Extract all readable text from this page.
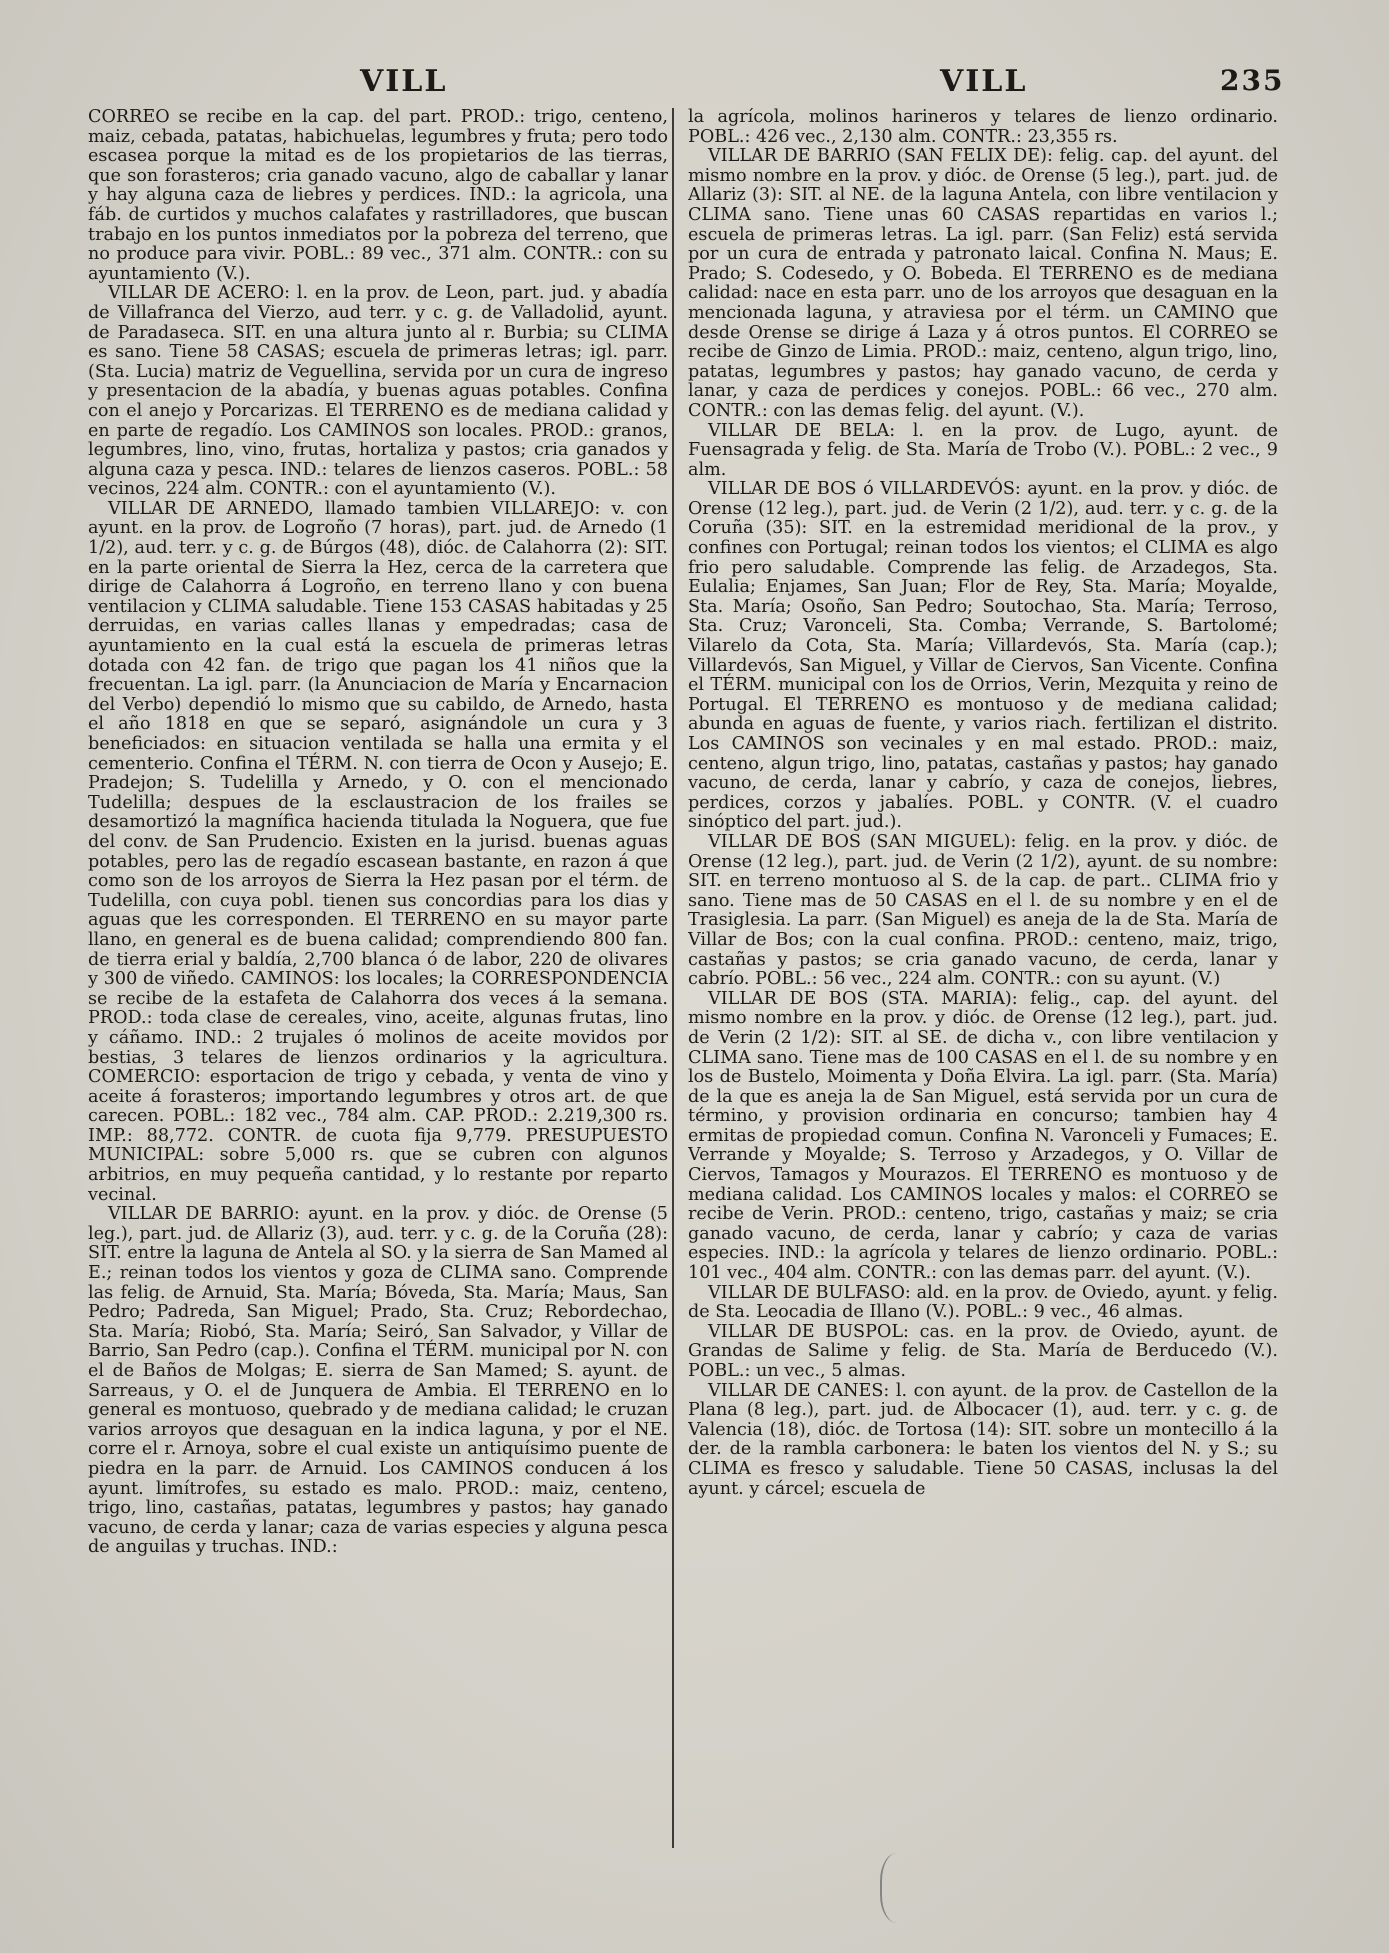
VILL	VILL	235

CORREO se recibe en la cap. del part. PROD.: trigo, centeno, maiz, cebada, patatas, habichuelas, legumbres y fruta; pero todo escasea porque la mitad es de los propietarios de las tierras, que son forasteros; cria ganado vacuno, algo de caballar y lanar y hay alguna caza de liebres y perdices. IND.: la agricola, una fáb. de curtidos y muchos calafates y rastrilladores, que buscan trabajo en los puntos inmediatos por la pobreza del terreno, que no produce para vivir. POBL.: 89 vec., 371 alm. CONTR.: con su ayuntamiento (V.).

VILLAR DE ACERO: l. en la prov. de Leon, part. jud. y abadía de Villafranca del Vierzo, aud terr. y c. g. de Valladolid, ayunt. de Paradaseca. SIT. en una altura junto al r. Burbia; su CLIMA es sano. Tiene 58 CASAS; escuela de primeras letras; igl. parr. (Sta. Lucia) matriz de Veguellina, servida por un cura de ingreso y presentacion de la abadía, y buenas aguas potables. Confina con el anejo y Porcarizas. El TERRENO es de mediana calidad y en parte de regadío. Los CAMINOS son locales. PROD.: granos, legumbres, lino, vino, frutas, hortaliza y pastos; cria ganados y alguna caza y pesca. IND.: telares de lienzos caseros. POBL.: 58 vecinos, 224 alm. CONTR.: con el ayuntamiento (V.).

VILLAR DE ARNEDO, llamado tambien VILLAREJO: v. con ayunt. en la prov. de Logroño (7 horas), part. jud. de Arnedo (1 1/2), aud. terr. y c. g. de Búrgos (48), dióc. de Calahorra (2): SIT. en la parte oriental de Sierra la Hez, cerca de la carretera que dirige de Calahorra á Logroño, en terreno llano y con buena ventilacion y CLIMA saludable. Tiene 153 CASAS habitadas y 25 derruidas, en varias calles llanas y empedradas; casa de ayuntamiento en la cual está la escuela de primeras letras dotada con 42 fan. de trigo que pagan los 41 niños que la frecuentan. La igl. parr. (la Anunciacion de María y Encarnacion del Verbo) dependió lo mismo que su cabildo, de Arnedo, hasta el año 1818 en que se separó, asignándole un cura y 3 beneficiados: en situacion ventilada se halla una ermita y el cementerio. Confina el TÉRM. N. con tierra de Ocon y Ausejo; E. Pradejon; S. Tudelilla y Arnedo, y O. con el mencionado Tudelilla; despues de la esclaustracion de los frailes se desamortizó la magnífica hacienda titulada la Noguera, que fue del conv. de San Prudencio. Existen en la jurisd. buenas aguas potables, pero las de regadío escasean bastante, en razon á que como son de los arroyos de Sierra la Hez pasan por el térm. de Tudelilla, con cuya pobl. tienen sus concordias para los dias y aguas que les corresponden. El TERRENO en su mayor parte llano, en general es de buena calidad; comprendiendo 800 fan. de tierra erial y baldía, 2,700 blanca ó de labor, 220 de olivares y 300 de viñedo. CAMINOS: los locales; la CORRESPONDENCIA se recibe de la estafeta de Calahorra dos veces á la semana. PROD.: toda clase de cereales, vino, aceite, algunas frutas, lino y cáñamo. IND.: 2 trujales ó molinos de aceite movidos por bestias, 3 telares de lienzos ordinarios y la agricultura. COMERCIO: esportacion de trigo y cebada, y venta de vino y aceite á forasteros; importando legumbres y otros art. de que carecen. POBL.: 182 vec., 784 alm. CAP. PROD.: 2.219,300 rs. IMP.: 88,772. CONTR. de cuota fija 9,779. PRESUPUESTO MUNICIPAL: sobre 5,000 rs. que se cubren con algunos arbitrios, en muy pequeña cantidad, y lo restante por reparto vecinal.

VILLAR DE BARRIO: ayunt. en la prov. y dióc. de Orense (5 leg.), part. jud. de Allariz (3), aud. terr. y c. g. de la Coruña (28): SIT. entre la laguna de Antela al SO. y la sierra de San Mamed al E.; reinan todos los vientos y goza de CLIMA sano. Comprende las felig. de Arnuid, Sta. María; Bóveda, Sta. María; Maus, San Pedro; Padreda, San Miguel; Prado, Sta. Cruz; Rebordechao, Sta. María; Riobó, Sta. María; Seiró, San Salvador, y Villar de Barrio, San Pedro (cap.). Confina el TÉRM. municipal por N. con el de Baños de Molgas; E. sierra de San Mamed; S. ayunt. de Sarreaus, y O. el de Junquera de Ambia. El TERRENO en lo general es montuoso, quebrado y de mediana calidad; le cruzan varios arroyos que desaguan en la indica laguna, y por el NE. corre el r. Arnoya, sobre el cual existe un antiquísimo puente de piedra en la parr. de Arnuid. Los CAMINOS conducen á los ayunt. limítrofes, su estado es malo. PROD.: maiz, centeno, trigo, lino, castañas, patatas, legumbres y pastos; hay ganado vacuno, de cerda y lanar; caza de varias especies y alguna pesca de anguilas y truchas. IND.:

la agrícola, molinos harineros y telares de lienzo ordinario. POBL.: 426 vec., 2,130 alm. CONTR.: 23,355 rs.

VILLAR DE BARRIO (SAN FELIX DE): felig. cap. del ayunt. del mismo nombre en la prov. y dióc. de Orense (5 leg.), part. jud. de Allariz (3): SIT. al NE. de la laguna Antela, con libre ventilacion y CLIMA sano. Tiene unas 60 CASAS repartidas en varios l.; escuela de primeras letras. La igl. parr. (San Feliz) está servida por un cura de entrada y patronato laical. Confina N. Maus; E. Prado; S. Codesedo, y O. Bobeda. El TERRENO es de mediana calidad: nace en esta parr. uno de los arroyos que desaguan en la mencionada laguna, y atraviesa por el térm. un CAMINO que desde Orense se dirige á Laza y á otros puntos. El CORREO se recibe de Ginzo de Limia. PROD.: maiz, centeno, algun trigo, lino, patatas, legumbres y pastos; hay ganado vacuno, de cerda y lanar, y caza de perdices y conejos. POBL.: 66 vec., 270 alm. CONTR.: con las demas felig. del ayunt. (V.).

VILLAR DE BELA: l. en la prov. de Lugo, ayunt. de Fuensagrada y felig. de Sta. María de Trobo (V.). POBL.: 2 vec., 9 alm.

VILLAR DE BOS ó VILLARDEVÓS: ayunt. en la prov. y dióc. de Orense (12 leg.), part. jud. de Verin (2 1/2), aud. terr. y c. g. de la Coruña (35): SIT. en la estremidad meridional de la prov., y confines con Portugal; reinan todos los vientos; el CLIMA es algo frio pero saludable. Comprende las felig. de Arzadegos, Sta. Eulalia; Enjames, San Juan; Flor de Rey, Sta. María; Moyalde, Sta. María; Osoño, San Pedro; Soutochao, Sta. María; Terroso, Sta. Cruz; Varonceli, Sta. Comba; Verrande, S. Bartolomé; Vilarelo da Cota, Sta. María; Villardevós, Sta. María (cap.); Villardevós, San Miguel, y Villar de Ciervos, San Vicente. Confina el TÉRM. municipal con los de Orrios, Verin, Mezquita y reino de Portugal. El TERRENO es montuoso y de mediana calidad; abunda en aguas de fuente, y varios riach. fertilizan el distrito. Los CAMINOS son vecinales y en mal estado. PROD.: maiz, centeno, algun trigo, lino, patatas, castañas y pastos; hay ganado vacuno, de cerda, lanar y cabrío, y caza de conejos, liebres, perdices, corzos y jabalíes. POBL. y CONTR. (V. el cuadro sinóptico del part. jud.).

VILLAR DE BOS (SAN MIGUEL): felig. en la prov. y dióc. de Orense (12 leg.), part. jud. de Verin (2 1/2), ayunt. de su nombre: SIT. en terreno montuoso al S. de la cap. de part.. CLIMA frio y sano. Tiene mas de 50 CASAS en el l. de su nombre y en el de Trasiglesia. La parr. (San Miguel) es aneja de la de Sta. María de Villar de Bos; con la cual confina. PROD.: centeno, maiz, trigo, castañas y pastos; se cria ganado vacuno, de cerda, lanar y cabrío. POBL.: 56 vec., 224 alm. CONTR.: con su ayunt. (V.)

VILLAR DE BOS (STA. MARIA): felig., cap. del ayunt. del mismo nombre en la prov. y dióc. de Orense (12 leg.), part. jud. de Verin (2 1/2): SIT. al SE. de dicha v., con libre ventilacion y CLIMA sano. Tiene mas de 100 CASAS en el l. de su nombre y en los de Bustelo, Moimenta y Doña Elvira. La igl. parr. (Sta. María) de la que es aneja la de San Miguel, está servida por un cura de término, y provision ordinaria en concurso; tambien hay 4 ermitas de propiedad comun. Confina N. Varonceli y Fumaces; E. Verrande y Moyalde; S. Terroso y Arzadegos, y O. Villar de Ciervos, Tamagos y Mourazos. El TERRENO es montuoso y de mediana calidad. Los CAMINOS locales y malos: el CORREO se recibe de Verin. PROD.: centeno, trigo, castañas y maiz; se cria ganado vacuno, de cerda, lanar y cabrío; y caza de varias especies. IND.: la agrícola y telares de lienzo ordinario. POBL.: 101 vec., 404 alm. CONTR.: con las demas parr. del ayunt. (V.).

VILLAR DE BULFASO: ald. en la prov. de Oviedo, ayunt. y felig. de Sta. Leocadia de Illano (V.). POBL.: 9 vec., 46 almas.

VILLAR DE BUSPOL: cas. en la prov. de Oviedo, ayunt. de Grandas de Salime y felig. de Sta. María de Berducedo (V.). POBL.: un vec., 5 almas.

VILLAR DE CANES: l. con ayunt. de la prov. de Castellon de la Plana (8 leg.), part. jud. de Albocacer (1), aud. terr. y c. g. de Valencia (18), dióc. de Tortosa (14): SIT. sobre un montecillo á la der. de la rambla carbonera: le baten los vientos del N. y S.; su CLIMA es fresco y saludable. Tiene 50 CASAS, inclusas la del ayunt. y cárcel; escuela de
